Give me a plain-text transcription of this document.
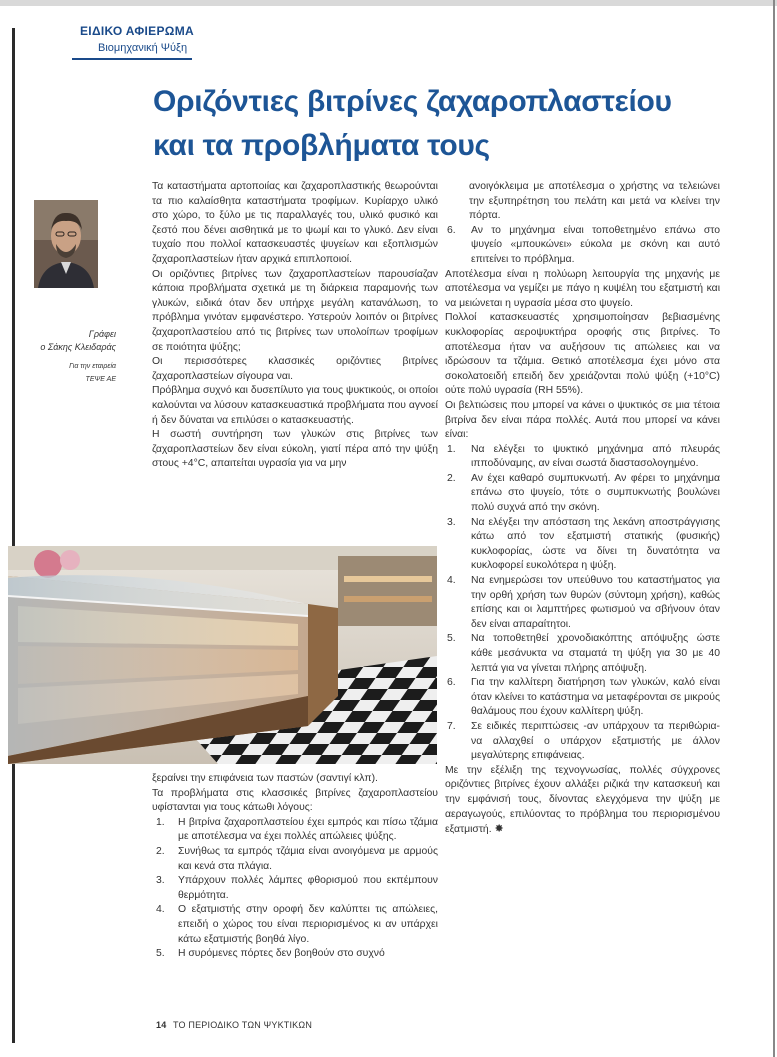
ΕΙΔΙΚΟ ΑΦΙΕΡΩΜΑ
Βιομηχανική Ψύξη
Οριζόντιες βιτρίνες ζαχαροπλαστείου
και τα προβλήματα τους
Γράφει
ο Σάκης Κλειδαράς
Για την εταιρεία
ΤΕΨΕ ΑΕ

Τα καταστήματα αρτοποιίας και ζαχαροπλαστικής θεωρούνται τα πιο καλαίσθητα καταστήματα τροφίμων. Κυρίαρχο υλικό στο χώρο, το ξύλο με τις παραλλαγές του, υλικό φυσικό και ζεστό που δένει αισθητικά με το ψωμί και το γλυκό. Δεν είναι τυχαίο που πολλοί κατασκευαστές ψυγείων και εξοπλισμών ζαχαροπλαστείων ήταν αρχικά επιπλοποιοί.

Οι οριζόντιες βιτρίνες των ζαχαροπλαστείων παρουσίαζαν κάποια προβλήματα σχετικά με τη διάρκεια παραμονής των γλυκών, ειδικά όταν δεν υπήρχε μεγάλη κατανάλωση, το πρόβλημα γινόταν εμφανέστερο. Υστερούν λοιπόν οι βιτρίνες ζαχαροπλαστείου από τις βιτρίνες των υπολοίπων τροφίμων σε ποιότητα ψύξης;

Οι περισσότερες κλασσικές οριζόντιες βιτρίνες ζαχαροπλαστείων σίγουρα ναι.

Πρόβλημα συχνό και δυσεπίλυτο για τους ψυκτικούς, οι οποίοι καλούνται να λύσουν κατασκευαστικά προβλήματα που αγνοεί ή δεν δύναται να επιλύσει ο κατασκευαστής.

Η σωστή συντήρηση των γλυκών στις βιτρίνες των ζαχαροπλαστείων δεν είναι εύκολη, γιατί πέρα από την ψύξη στους +4°C, απαιτείται υγρασία για να μην

ξεραίνει την επιφάνεια των παστών (σαντιγί κλπ).

Τα προβλήματα στις κλασσικές βιτρίνες ζαχαροπλαστείου υφίστανται για τους κάτωθι λόγους:

1.	Η βιτρίνα ζαχαροπλαστείου έχει εμπρός και πίσω τζάμια με αποτέλεσμα να έχει πολλές απώλειες ψύξης.
2.	Συνήθως τα εμπρός τζάμια είναι ανοιγόμενα με αρμούς και κενά στα πλάγια.
3.	Υπάρχουν πολλές λάμπες φθορισμού που εκπέμπουν θερμότητα.
4.	Ο εξατμιστής στην οροφή δεν καλύπτει τις απώλειες, επειδή ο χώρος του είναι περιορισμένος κι αν υπάρχει κάτω εξατμιστής βοηθά λίγο.
5.	Η συρόμενες πόρτες δεν βοηθούν στο συχνό

ανοιγόκλειμα με αποτέλεσμα ο χρήστης να τελειώνει την εξυπηρέτηση του πελάτη και μετά να κλείνει την πόρτα.

6.	Αν το μηχάνημα είναι τοποθετημένο επάνω στο ψυγείο «μπουκώνει» εύκολα με σκόνη και αυτό επιτείνει το πρόβλημα.

Αποτέλεσμα είναι η πολύωρη λειτουργία της μηχανής με αποτέλεσμα να γεμίζει με πάγο η κυψέλη του εξατμιστή και να μειώνεται η υγρασία μέσα στο ψυγείο.

Πολλοί κατασκευαστές χρησιμοποίησαν βεβιασμένης κυκλοφορίας αεροψυκτήρα οροφής στις βιτρίνες. Το αποτέλεσμα ήταν να αυξήσουν τις απώλειες και να ιδρώσουν τα τζάμια. Θετικό αποτέλεσμα έχει μόνο στα σοκολατοειδή επειδή δεν χρειάζονται πολύ ψύξη (+10°C) ούτε πολύ υγρασία (RH 55%).

Οι βελτιώσεις που μπορεί να κάνει ο ψυκτικός σε μια τέτοια βιτρίνα δεν είναι πάρα πολλές. Αυτά που μπορεί να κάνει είναι:

1.	Να ελέγξει το ψυκτικό μηχάνημα από πλευράς ιπποδύναμης, αν είναι σωστά διαστασολογημένο.
2.	Αν έχει καθαρό συμπυκνωτή. Αν φέρει το μηχάνημα επάνω στο ψυγείο, τότε ο συμπυκνωτής βουλώνει πολύ συχνά από την σκόνη.
3.	Να ελέγξει την απόσταση της λεκάνη αποστράγγισης κάτω από τον εξατμιστή στατικής (φυσικής) κυκλοφορίας, ώστε να δίνει τη δυνατότητα να κυκλοφορεί ευκολότερα η ψύξη.
4.	Να ενημερώσει τον υπεύθυνο του καταστήματος για την ορθή χρήση των θυρών (σύντομη χρήση), καθώς επίσης και οι λαμπτήρες φωτισμού να σβήνουν όταν δεν είναι απαραίτητοι.
5.	Να τοποθετηθεί χρονοδιακόπτης απόψυξης ώστε κάθε μεσάνυκτα να σταματά τη ψύξη για 30 με 40 λεπτά για να γίνεται πλήρης απόψυξη.
6.	Για την καλλίτερη διατήρηση των γλυκών, καλό είναι όταν κλείνει το κατάστημα να μεταφέρονται σε μικρούς θαλάμους που έχουν καλλίτερη ψύξη.
7.	Σε ειδικές περιπτώσεις -αν υπάρχουν τα περιθώρια- να αλλαχθεί ο υπάρχον εξατμιστής με άλλον μεγαλύτερης επιφάνειας.

Με την εξέλιξη της τεχνογνωσίας, πολλές σύγχρονες οριζόντιες βιτρίνες έχουν αλλάξει ριζικά την κατασκευή και την εμφάνισή τους, δίνοντας ελεγχόμενα την ψύξη με αεραγωγούς, επιλύοντας το πρόβλημα του περιορισμένου εξατμιστή. ✸

14 ΤΟ ΠΕΡΙΟΔΙΚΟ ΤΩΝ ΨΥΚΤΙΚΩΝ
